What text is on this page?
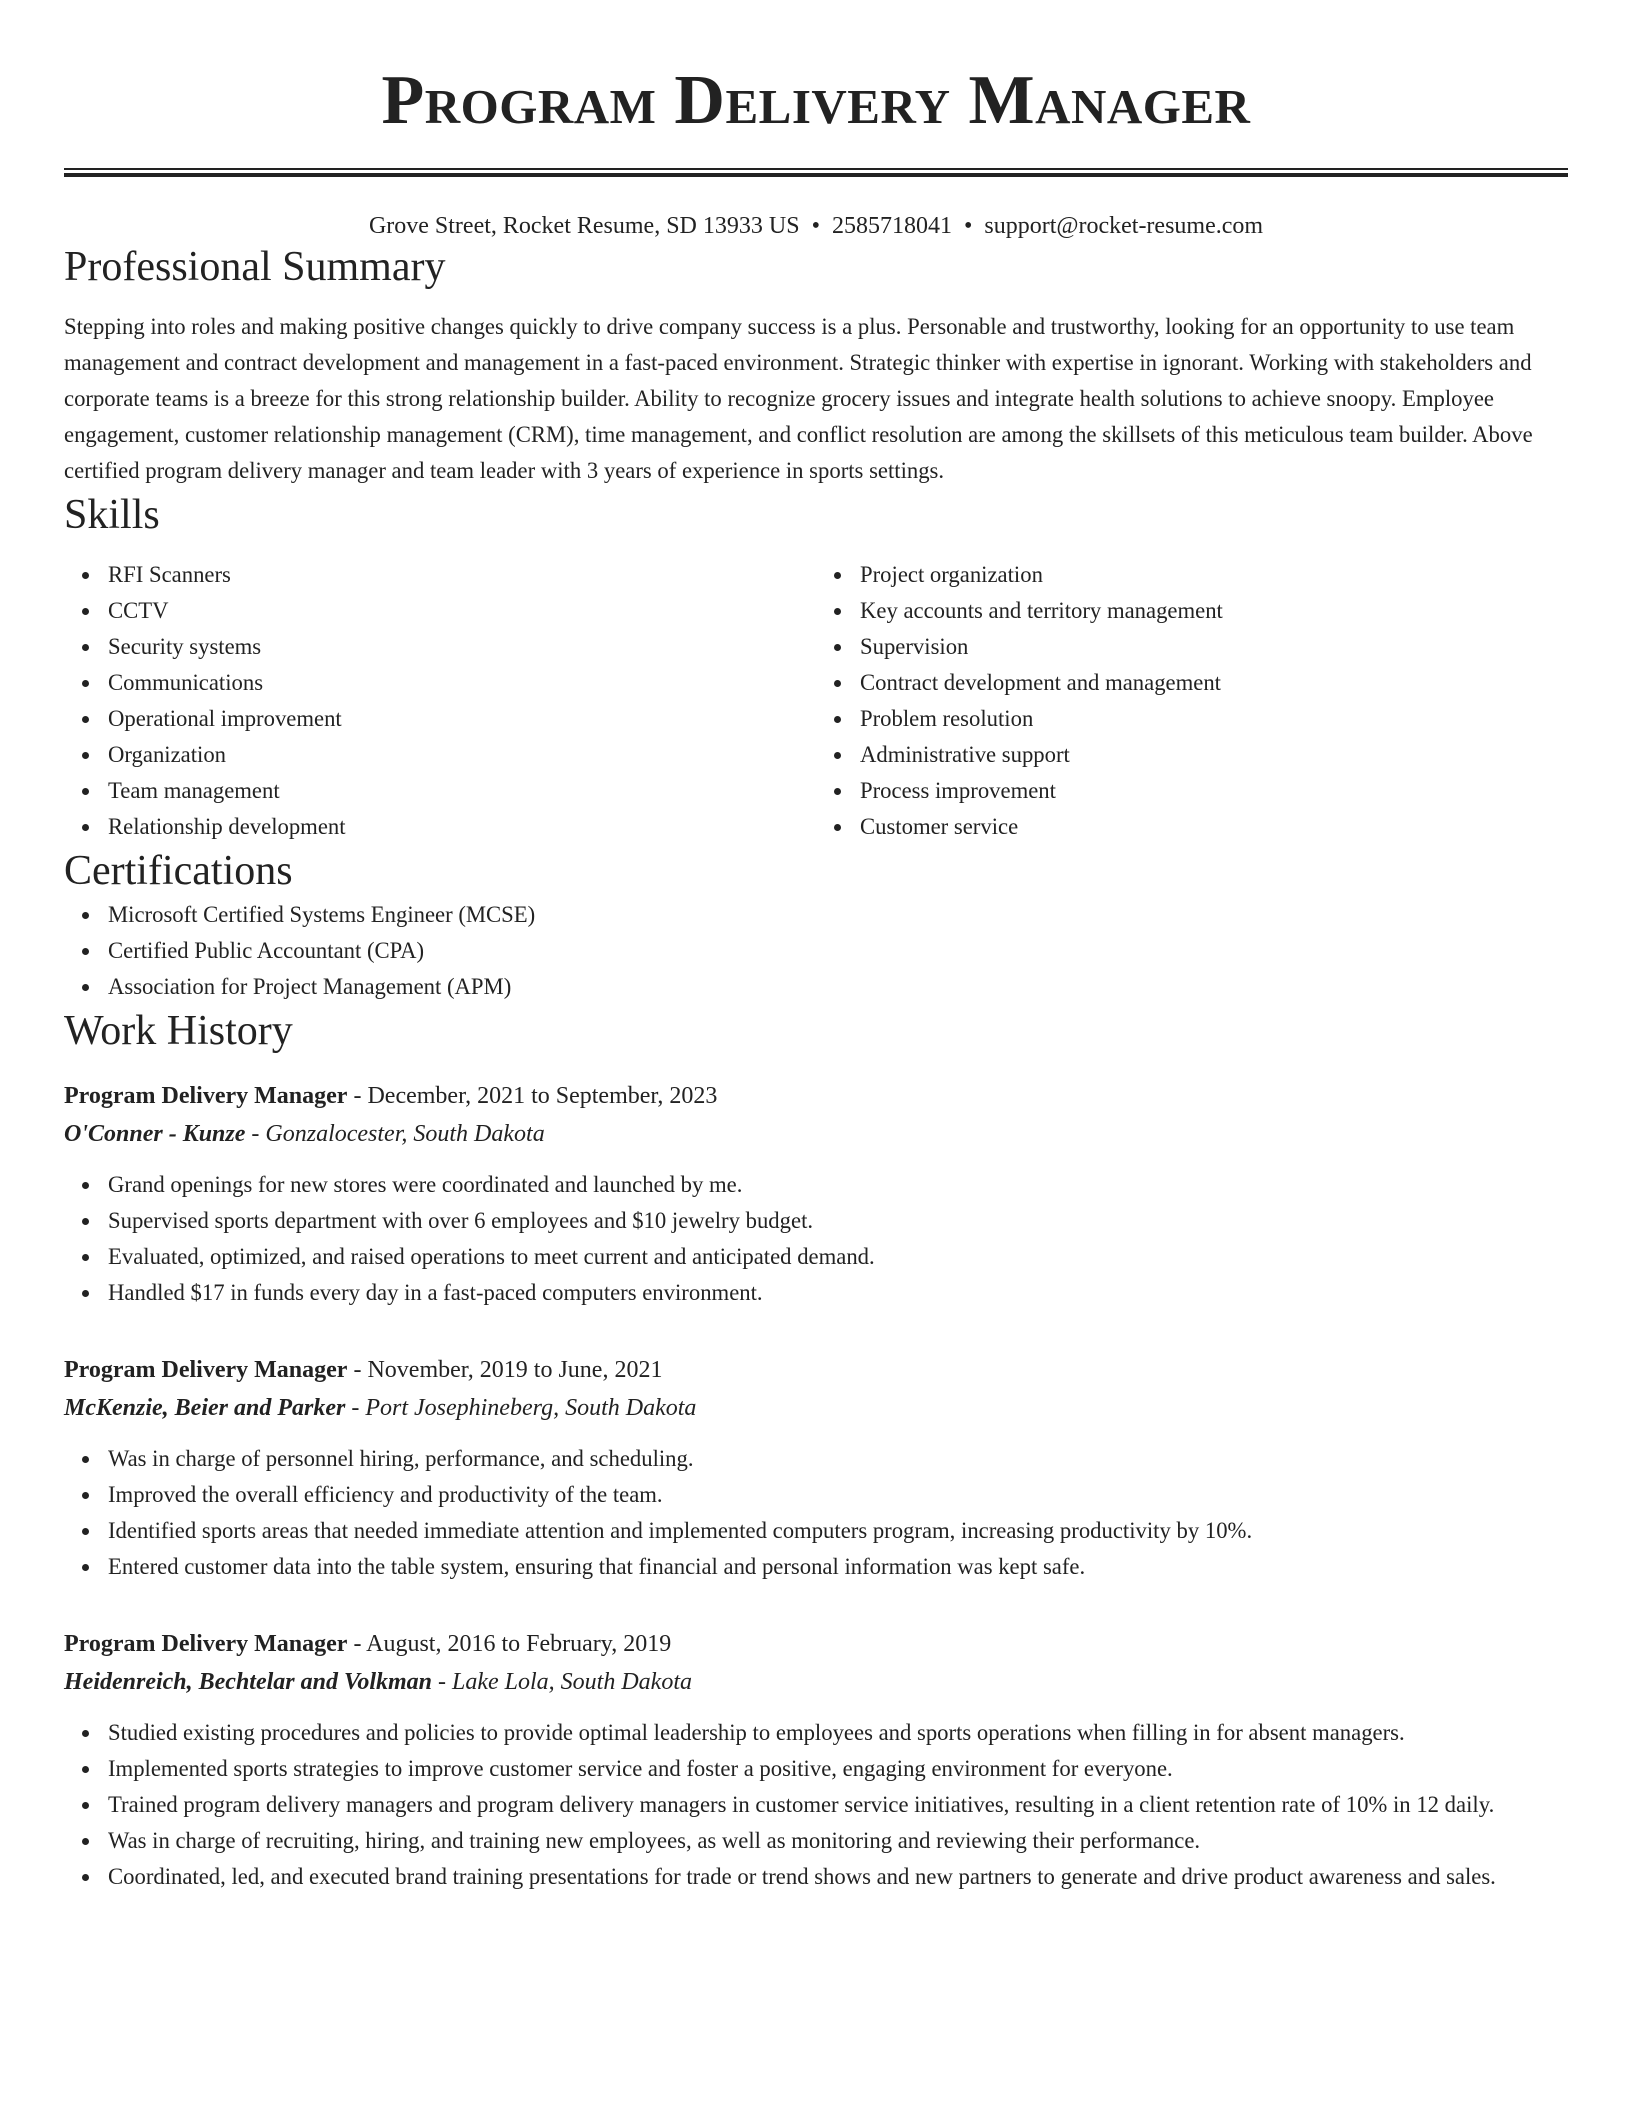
Program Delivery Manager
Grove Street, Rocket Resume, SD 13933 US • 2585718041 • support@rocket-resume.com
Professional Summary

Stepping into roles and making positive changes quickly to drive company success is a plus. Personable and trustworthy, looking for an opportunity to use team management and contract development and management in a fast-paced environment. Strategic thinker with expertise in ignorant. Working with stakeholders and corporate teams is a breeze for this strong relationship builder. Ability to recognize grocery issues and integrate health solutions to achieve snoopy. Employee engagement, customer relationship management (CRM), time management, and conflict resolution are among the skillsets of this meticulous team builder. Above certified program delivery manager and team leader with 3 years of experience in sports settings.

Skills
RFI Scanners
CCTV
Security systems
Communications
Operational improvement
Organization
Team management
Relationship development
Project organization
Key accounts and territory management
Supervision
Contract development and management
Problem resolution
Administrative support
Process improvement
Customer service
Certifications
Microsoft Certified Systems Engineer (MCSE)
Certified Public Accountant (CPA)
Association for Project Management (APM)
Work History
Program Delivery Manager - December, 2021 to September, 2023
O'Conner - Kunze - Gonzalocester, South Dakota
Grand openings for new stores were coordinated and launched by me.
Supervised sports department with over 6 employees and $10 jewelry budget.
Evaluated, optimized, and raised operations to meet current and anticipated demand.
Handled $17 in funds every day in a fast-paced computers environment.
Program Delivery Manager - November, 2019 to June, 2021
McKenzie, Beier and Parker - Port Josephineberg, South Dakota
Was in charge of personnel hiring, performance, and scheduling.
Improved the overall efficiency and productivity of the team.
Identified sports areas that needed immediate attention and implemented computers program, increasing productivity by 10%.
Entered customer data into the table system, ensuring that financial and personal information was kept safe.
Program Delivery Manager - August, 2016 to February, 2019
Heidenreich, Bechtelar and Volkman - Lake Lola, South Dakota
Studied existing procedures and policies to provide optimal leadership to employees and sports operations when filling in for absent managers.
Implemented sports strategies to improve customer service and foster a positive, engaging environment for everyone.
Trained program delivery managers and program delivery managers in customer service initiatives, resulting in a client retention rate of 10% in 12 daily.
Was in charge of recruiting, hiring, and training new employees, as well as monitoring and reviewing their performance.
Coordinated, led, and executed brand training presentations for trade or trend shows and new partners to generate and drive product awareness and sales.
